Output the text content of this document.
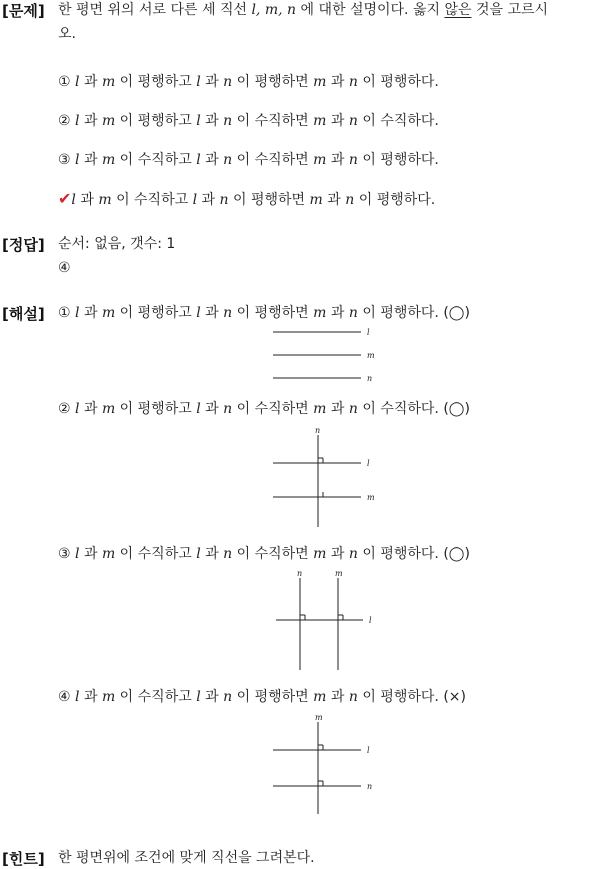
[문제] 한 평면 위의 서로 다른 세 직선 l, m, n 에 대한 설명이다. 옳지 않은 것을 고르시
오.
① l 과 m 이 평행하고 l 과 n 이 평행하면 m 과 n 이 평행하다.
② l 과 m 이 평행하고 l 과 n 이 수직하면 m 과 n 이 수직하다.
③ l 과 m 이 수직하고 l 과 n 이 수직하면 m 과 n 이 평행하다.
✔l 과 m 이 수직하고 l 과 n 이 평행하면 m 과 n 이 평행하다.
[정답] 순서: 없음, 갯수: 1
④
[해설] ① l 과 m 이 평행하고 l 과 n 이 평행하면 m 과 n 이 평행하다. (◯)
l
m
n
② l 과 m 이 평행하고 l 과 n 이 수직하면 m 과 n 이 수직하다. (◯)
n
l
m
③ l 과 m 이 수직하고 l 과 n 이 수직하면 m 과 n 이 평행하다. (◯)
n	m
l
④ l 과 m 이 수직하고 l 과 n 이 평행하면 m 과 n 이 평행하다. (×)
m
l
n
[힌트] 한 평면위에 조건에 맞게 직선을 그려본다.
